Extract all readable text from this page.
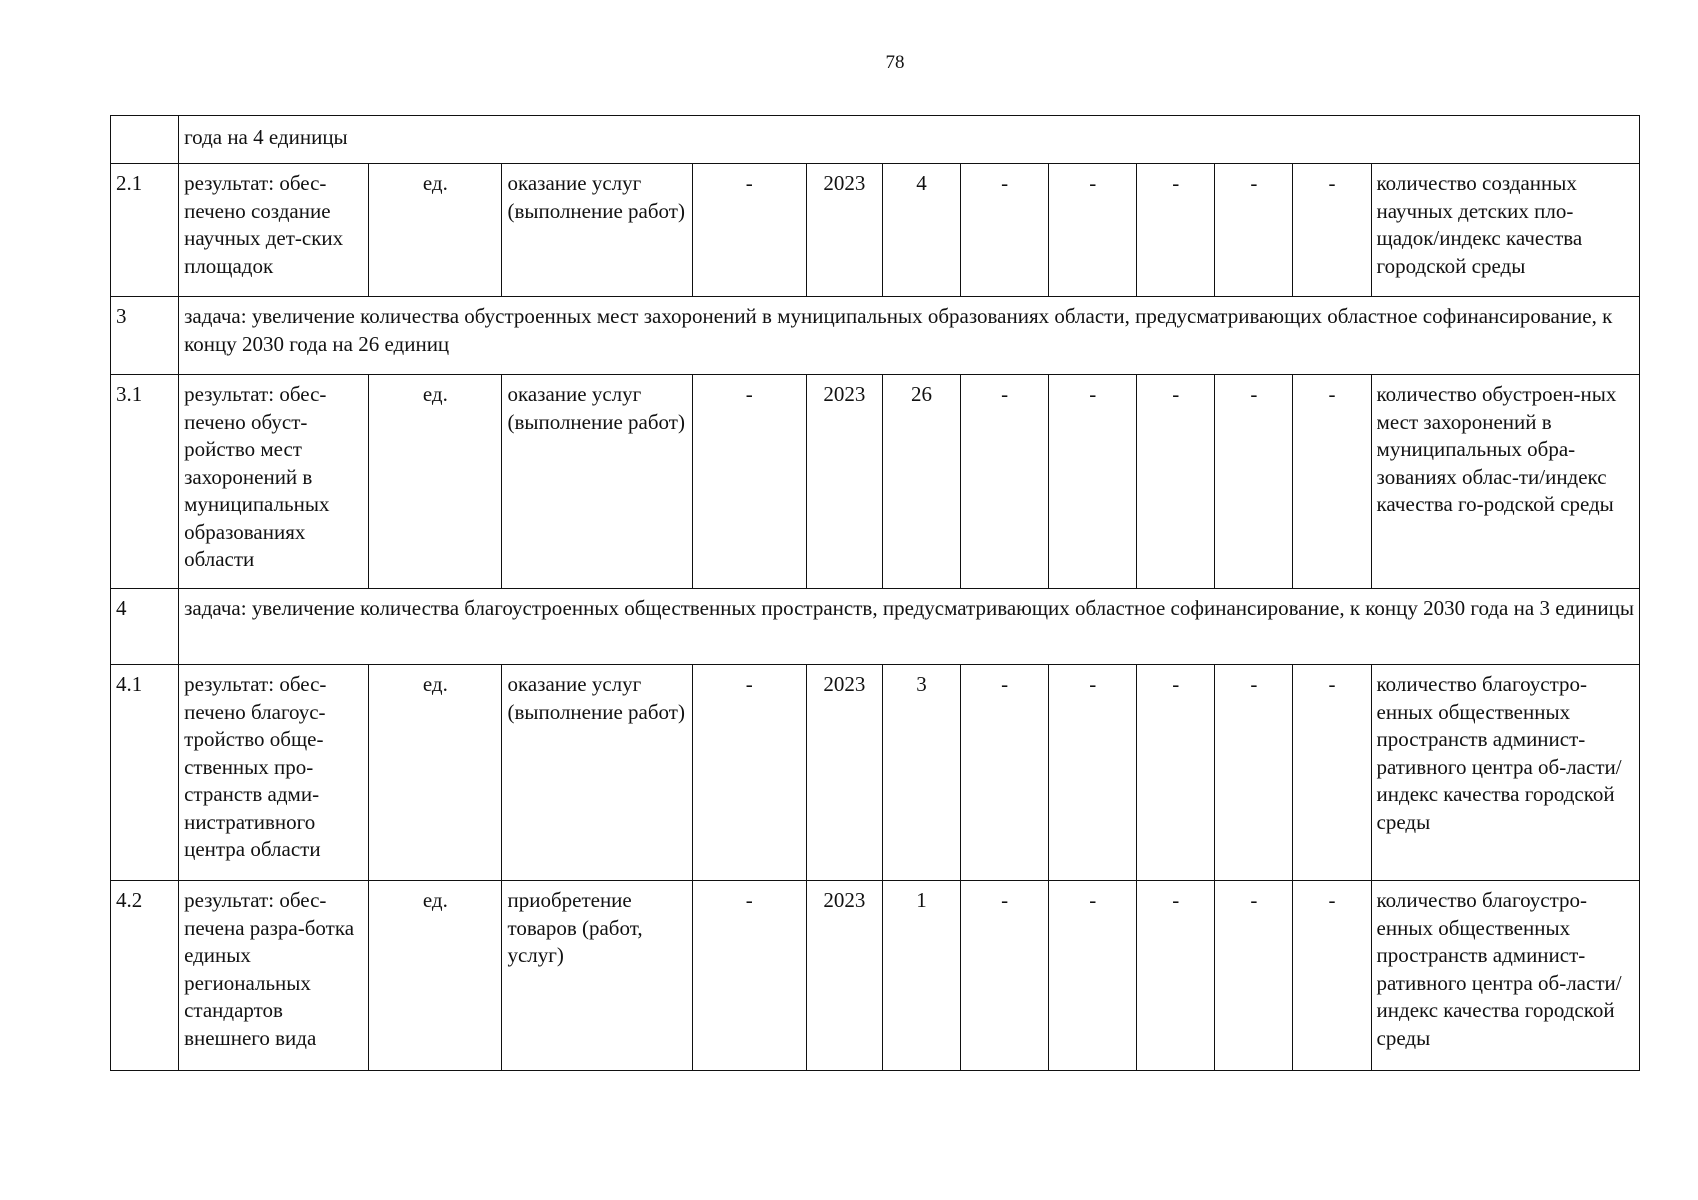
78
	года на 4 единицы											
2.1	результат: обес-печено создание научных дет-ских площадок	ед.	оказание услуг (выполнение работ)	-	2023	4	-	-	-	-	-	количество созданных научных детских пло-щадок/индекс качества городской среды
3	задача: увеличение количества обустроенных мест захоронений в муниципальных образованиях области, предусматривающих областное софинансирование, к концу 2030 года на 26 единиц											
3.1	результат: обес-печено обуст-ройство мест захоронений в муниципальных образованиях области	ед.	оказание услуг (выполнение работ)	-	2023	26	-	-	-	-	-	количество обустроен-ных мест захоронений в муниципальных обра-зованиях облас-ти/индекс качества го-родской среды
4	задача: увеличение количества благоустроенных общественных пространств, предусматривающих областное софинансирование, к концу 2030 года на 3 единицы											
4.1	результат: обес-печено благоус-тройство обще-ственных про-странств адми-нистративного центра области	ед.	оказание услуг (выполнение работ)	-	2023	3	-	-	-	-	-	количество благоустро-енных общественных пространств админист-ративного центра об-ласти/индекс качества городской среды
4.2	результат: обес-печена разра-ботка единых региональных стандартов внешнего вида	ед.	приобретение товаров (работ, услуг)	-	2023	1	-	-	-	-	-	количество благоустро-енных общественных пространств админист-ративного центра об-ласти/индекс качества городской среды
